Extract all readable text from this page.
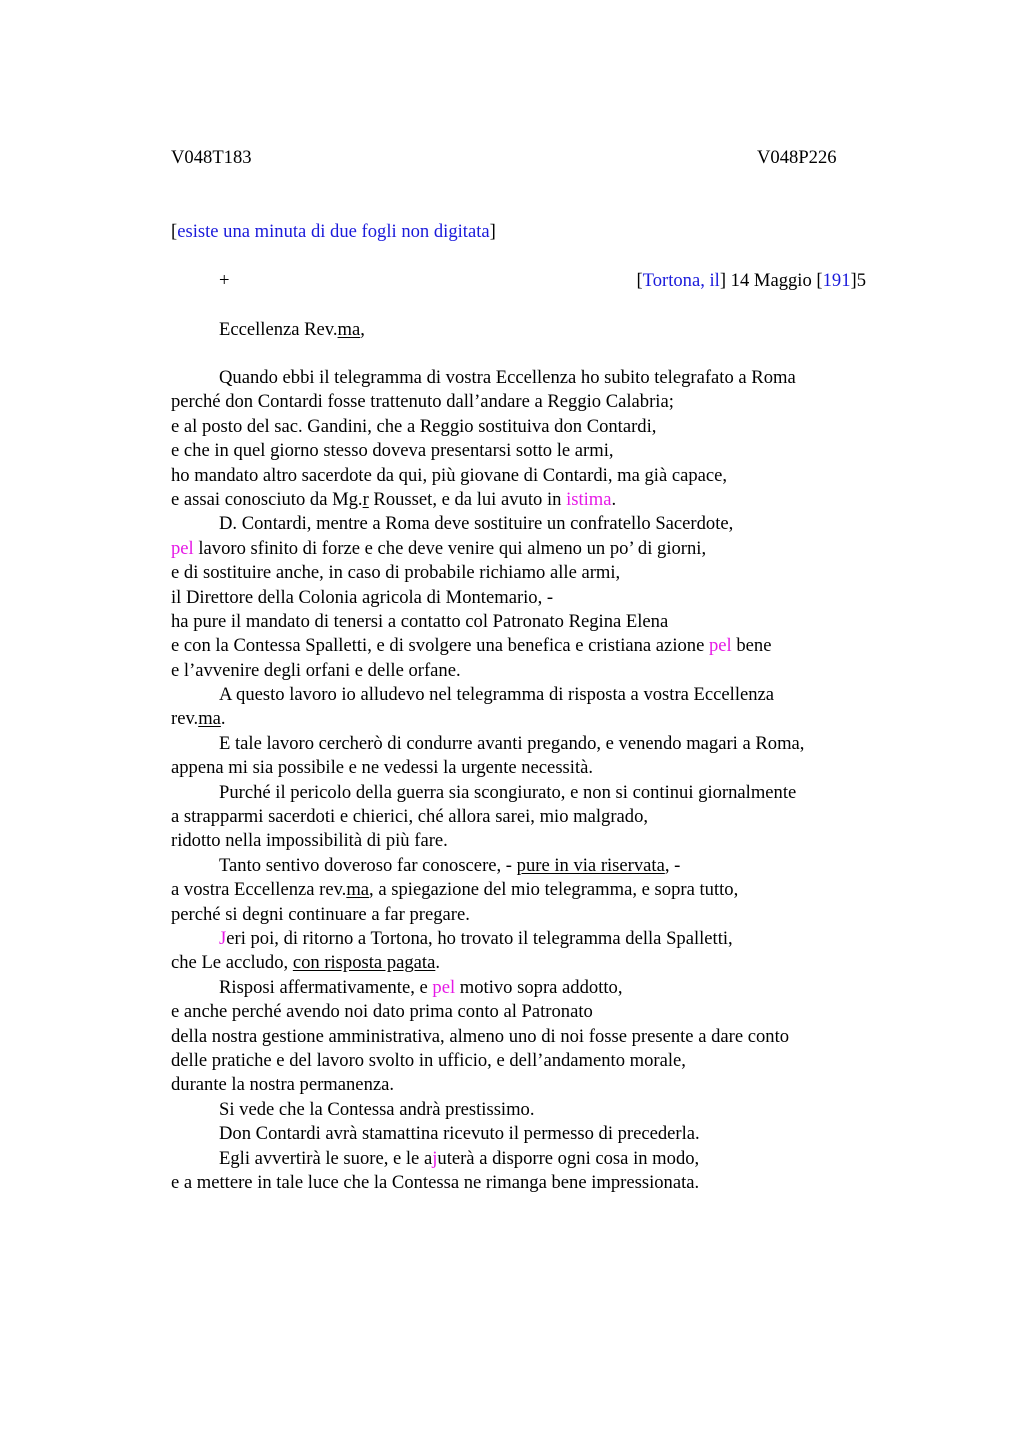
V048T183	V048P226
[esiste una minuta di due fogli non digitata]
+	[Tortona, il] 14 Maggio [191]5
Eccellenza Rev.ma,
Quando ebbi il telegramma di vostra Eccellenza ho subito telegrafato a Roma
perché don Contardi fosse trattenuto dall’andare a Reggio Calabria;
e al posto del sac. Gandini, che a Reggio sostituiva don Contardi,
e che in quel giorno stesso doveva presentarsi sotto le armi,
ho mandato altro sacerdote da qui, più giovane di Contardi, ma già capace,
e assai conosciuto da Mg.r Rousset, e da lui avuto in istima.
D. Contardi, mentre a Roma deve sostituire un confratello Sacerdote,
pel lavoro sfinito di forze e che deve venire qui almeno un po’ di giorni,
e di sostituire anche, in caso di probabile richiamo alle armi,
il Direttore della Colonia agricola di Montemario, -
ha pure il mandato di tenersi a contatto col Patronato Regina Elena
e con la Contessa Spalletti, e di svolgere una benefica e cristiana azione pel bene
e l’avvenire degli orfani e delle orfane.
A questo lavoro io alludevo nel telegramma di risposta a vostra Eccellenza
rev.ma.
E tale lavoro cercherò di condurre avanti pregando, e venendo magari a Roma,
appena mi sia possibile e ne vedessi la urgente necessità.
Purché il pericolo della guerra sia scongiurato, e non si continui giornalmente
a strapparmi sacerdoti e chierici, ché allora sarei, mio malgrado,
ridotto nella impossibilità di più fare.
Tanto sentivo doveroso far conoscere, - pure in via riservata, -
a vostra Eccellenza rev.ma, a spiegazione del mio telegramma, e sopra tutto,
perché si degni continuare a far pregare.
Jeri poi, di ritorno a Tortona, ho trovato il telegramma della Spalletti,
che Le accludo, con risposta pagata.
Risposi affermativamente, e pel motivo sopra addotto,
e anche perché avendo noi dato prima conto al Patronato
della nostra gestione amministrativa, almeno uno di noi fosse presente a dare conto
delle pratiche e del lavoro svolto in ufficio, e dell’andamento morale,
durante la nostra permanenza.
Si vede che la Contessa andrà prestissimo.
Don Contardi avrà stamattina ricevuto il permesso di precederla.
Egli avvertirà le suore, e le ajuterà a disporre ogni cosa in modo,
e a mettere in tale luce che la Contessa ne rimanga bene impressionata.
